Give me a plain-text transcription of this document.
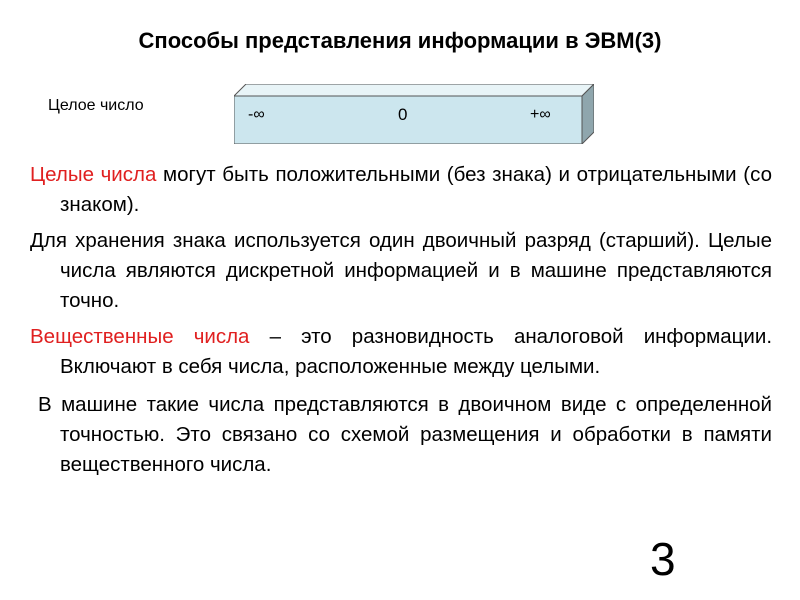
Способы представления информации в ЭВМ(3)
Целое число
-∞	0	+∞

Целые числа могут быть положительными (без знака) и отрицательными (со знаком).

Для хранения знака используется один двоичный разряд (старший). Целые числа являются дискретной информацией и в машине представляются точно.

Вещественные числа – это разновидность аналоговой информации. Включают в себя числа, расположенные между целыми.

В машине такие числа представляются в двоичном виде с определенной точностью. Это связано со схемой размещения и обработки в памяти вещественного числа.

3
